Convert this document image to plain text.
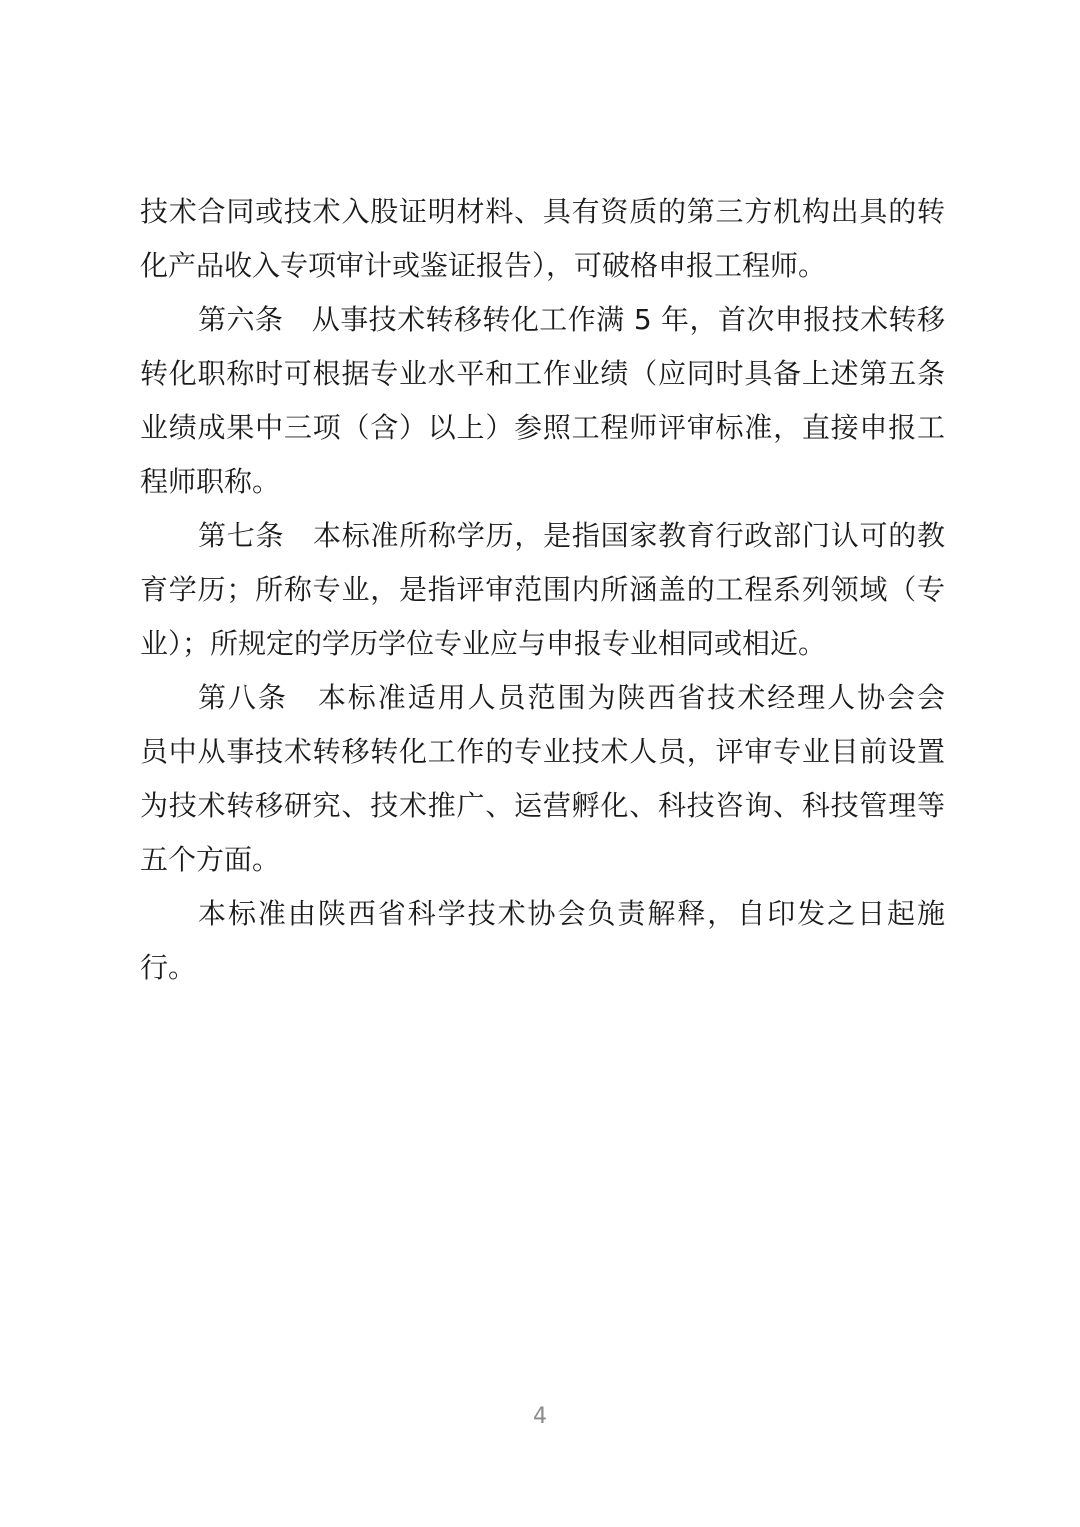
技术合同或技术入股证明材料、具有资质的第三方机构出具的转
化产品收入专项审计或鉴证报告），可破格申报工程师。
第六条　从事技术转移转化工作满 5 年，首次申报技术转移
转化职称时可根据专业水平和工作业绩（应同时具备上述第五条
业绩成果中三项（含）以上）参照工程师评审标准，直接申报工
程师职称。
第七条　本标准所称学历，是指国家教育行政部门认可的教
育学历；所称专业，是指评审范围内所涵盖的工程系列领域（专
业）；所规定的学历学位专业应与申报专业相同或相近。
第八条　本标准适用人员范围为陕西省技术经理人协会会
员中从事技术转移转化工作的专业技术人员，评审专业目前设置
为技术转移研究、技术推广、运营孵化、科技咨询、科技管理等
五个方面。
本标准由陕西省科学技术协会负责解释，自印发之日起施
行。
4
